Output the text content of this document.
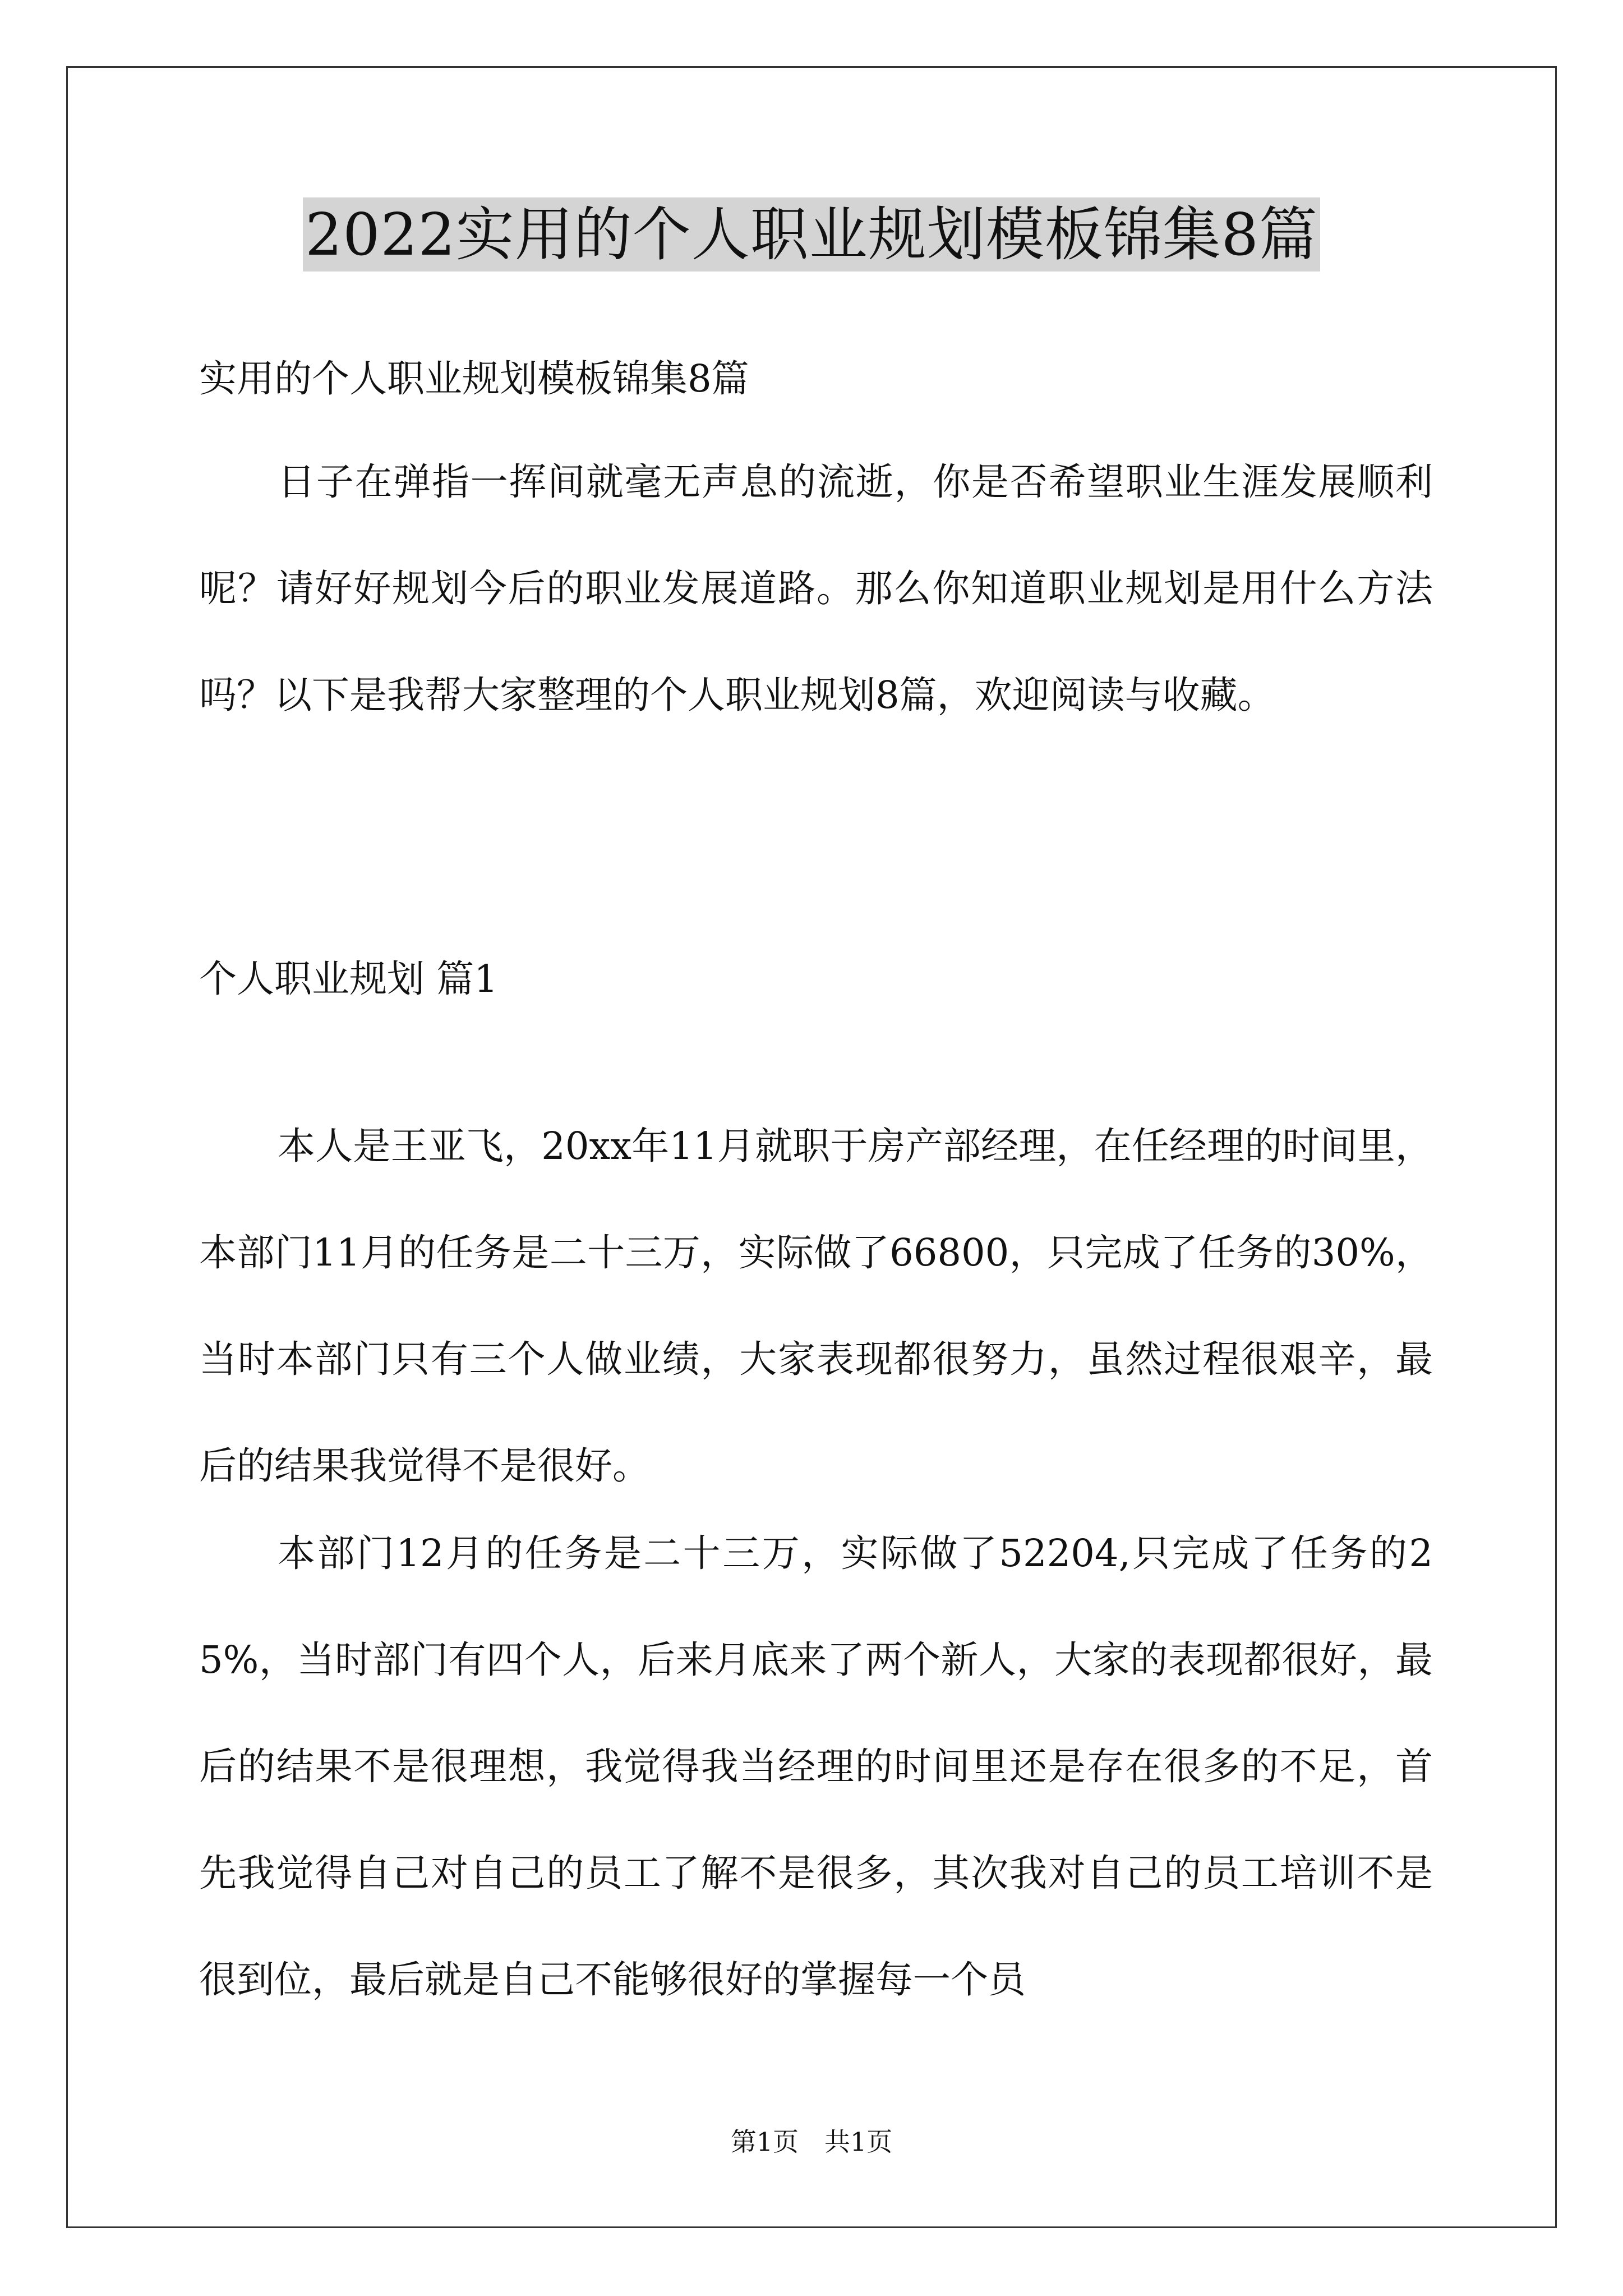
2022实用的个人职业规划模板锦集8篇
实用的个人职业规划模板锦集8篇
日子在弹指一挥间就毫无声息的流逝，你是否希望职业生涯发展顺利呢？请好好规划今后的职业发展道路。那么你知道职业规划是用什么方法吗？以下是我帮大家整理的个人职业规划8篇，欢迎阅读与收藏。
个人职业规划 篇1
本人是王亚飞，20xx年11月就职于房产部经理，在任经理的时间里，本部门11月的任务是二十三万，实际做了66800，只完成了任务的30%，当时本部门只有三个人做业绩，大家表现都很努力，虽然过程很艰辛，最后的结果我觉得不是很好。
本部门12月的任务是二十三万，实际做了52204,只完成了任务的25%，当时部门有四个人，后来月底来了两个新人，大家的表现都很好，最后的结果不是很理想，我觉得我当经理的时间里还是存在很多的不足，首先我觉得自己对自己的员工了解不是很多，其次我对自己的员工培训不是很到位，最后就是自己不能够很好的掌握每一个员
第1页　共1页
